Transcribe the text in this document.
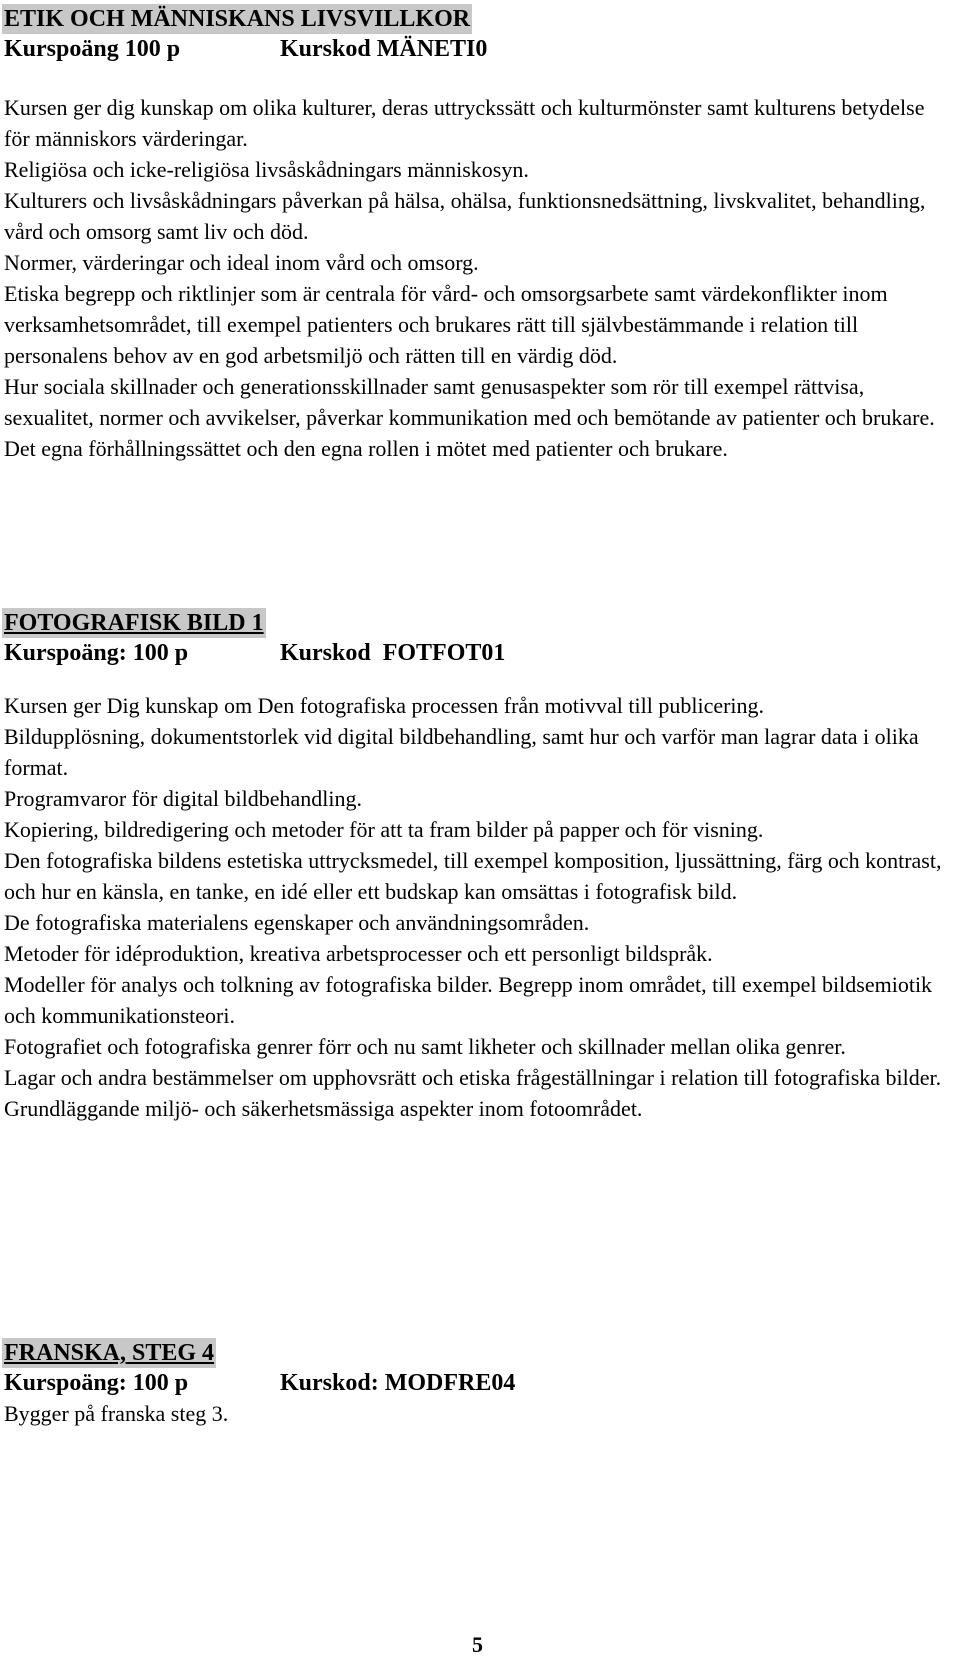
ETIK OCH MÄNNISKANS LIVSVILLKOR
Kurspoäng 100 p	Kurskod MÄNETI0

Kursen ger dig kunskap om olika kulturer, deras uttryckssätt och kulturmönster samt kulturens betydelse för människors värderingar.

Religiösa och icke-religiösa livsåskådningars människosyn.

Kulturers och livsåskådningars påverkan på hälsa, ohälsa, funktionsnedsättning, livskvalitet, behandling, vård och omsorg samt liv och död.

Normer, värderingar och ideal inom vård och omsorg.

Etiska begrepp och riktlinjer som är centrala för vård- och omsorgsarbete samt värdekonflikter inom verksamhetsområdet, till exempel patienters och brukares rätt till självbestämmande i relation till personalens behov av en god arbetsmiljö och rätten till en värdig död.

Hur sociala skillnader och generationsskillnader samt genusaspekter som rör till exempel rättvisa, sexualitet, normer och avvikelser, påverkar kommunikation med och bemötande av patienter och brukare.

Det egna förhållningssättet och den egna rollen i mötet med patienter och brukare.

FOTOGRAFISK BILD 1
Kurspoäng: 100 p	Kurskod  FOTFOT01

Kursen ger Dig kunskap om Den fotografiska processen från motivval till publicering.

Bildupplösning, dokumentstorlek vid digital bildbehandling, samt hur och varför man lagrar data i olika format.

Programvaror för digital bildbehandling.

Kopiering, bildredigering och metoder för att ta fram bilder på papper och för visning.

Den fotografiska bildens estetiska uttrycksmedel, till exempel komposition, ljussättning, färg och kontrast, och hur en känsla, en tanke, en idé eller ett budskap kan omsättas i fotografisk bild.

De fotografiska materialens egenskaper och användningsområden.

Metoder för idéproduktion, kreativa arbetsprocesser och ett personligt bildspråk.

Modeller för analys och tolkning av fotografiska bilder. Begrepp inom området, till exempel bildsemiotik och kommunikationsteori.

Fotografiet och fotografiska genrer förr och nu samt likheter och skillnader mellan olika genrer.

Lagar och andra bestämmelser om upphovsrätt och etiska frågeställningar i relation till fotografiska bilder.

Grundläggande miljö- och säkerhetsmässiga aspekter inom fotoområdet.

FRANSKA, STEG 4
Kurspoäng: 100 p	Kurskod: MODFRE04

Bygger på franska steg 3.

5
